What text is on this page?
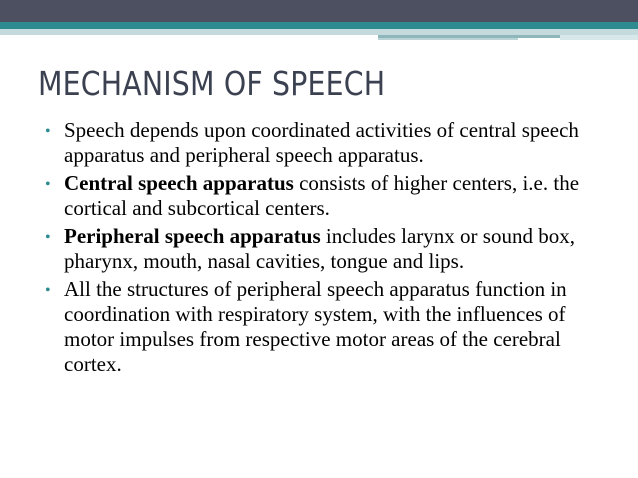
MECHANISM OF SPEECH
• Speech depends upon coordinated activities of central speech apparatus and peripheral speech apparatus.
• Central speech apparatus consists of higher centers, i.e. the cortical and subcortical centers.
• Peripheral speech apparatus includes larynx or sound box, pharynx, mouth, nasal cavities, tongue and lips.
• All the structures of peripheral speech apparatus function in coordination with respiratory system, with the influences of motor impulses from respective motor areas of the cerebral cortex.
